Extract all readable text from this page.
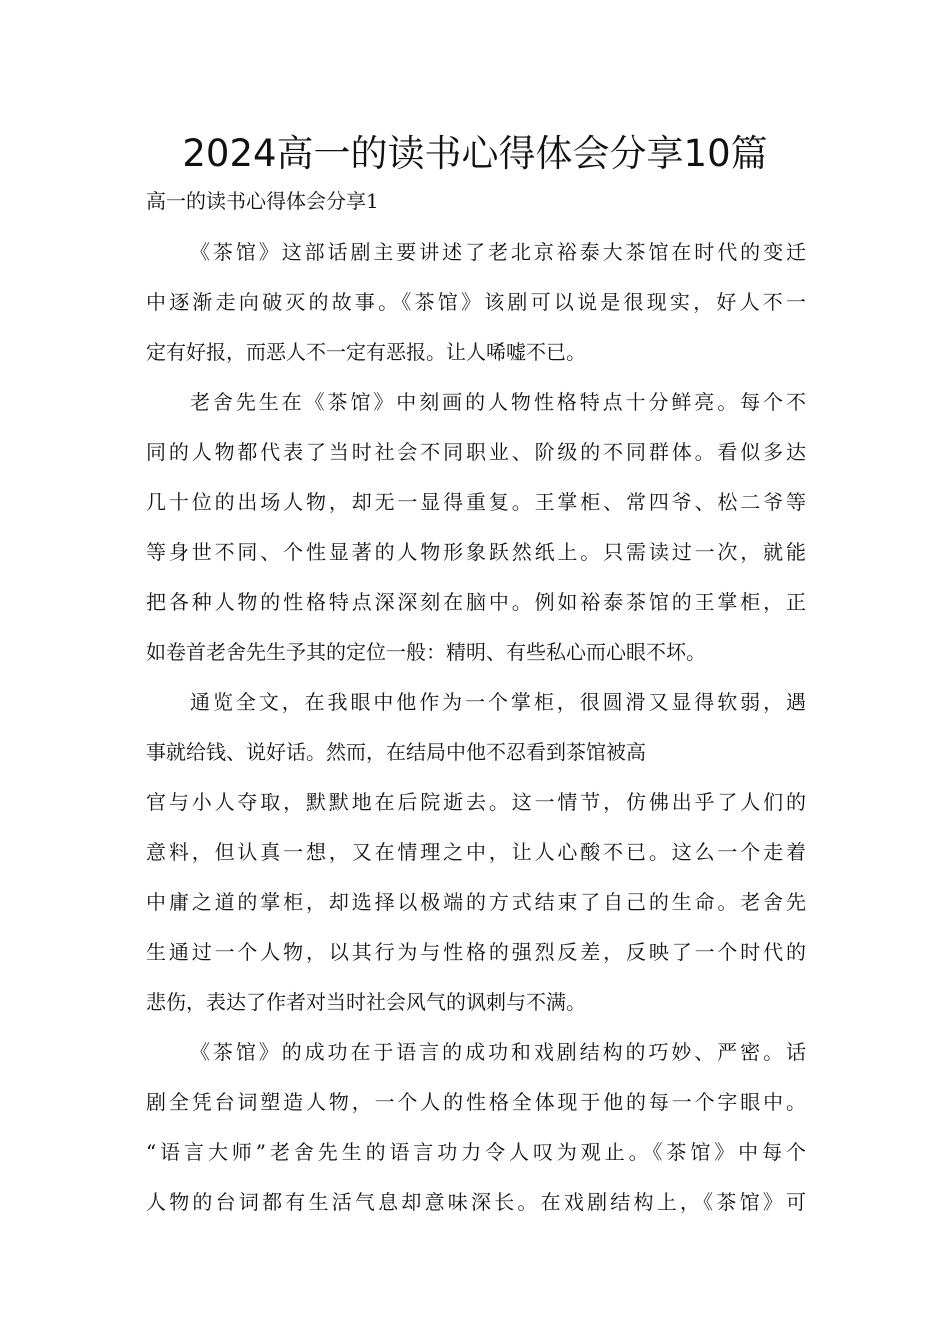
2024高一的读书心得体会分享10篇

高一的读书心得体会分享1

《茶馆》这部话剧主要讲述了老北京裕泰大茶馆在时代的变迁

中逐渐走向破灭的故事。《茶馆》该剧可以说是很现实，好人不一

定有好报，而恶人不一定有恶报。让人唏嘘不已。

老舍先生在《茶馆》中刻画的人物性格特点十分鲜亮。每个不

同的人物都代表了当时社会不同职业、阶级的不同群体。看似多达

几十位的出场人物，却无一显得重复。王掌柜、常四爷、松二爷等

等身世不同、个性显著的人物形象跃然纸上。只需读过一次，就能

把各种人物的性格特点深深刻在脑中。例如裕泰茶馆的王掌柜，正

如卷首老舍先生予其的定位一般：精明、有些私心而心眼不坏。

通览全文，在我眼中他作为一个掌柜，很圆滑又显得软弱，遇

事就给钱、说好话。然而，在结局中他不忍看到茶馆被高

官与小人夺取，默默地在后院逝去。这一情节，仿佛出乎了人们的

意料，但认真一想，又在情理之中，让人心酸不已。这么一个走着

中庸之道的掌柜，却选择以极端的方式结束了自己的生命。老舍先

生通过一个人物，以其行为与性格的强烈反差，反映了一个时代的

悲伤，表达了作者对当时社会风气的讽刺与不满。

《茶馆》的成功在于语言的成功和戏剧结构的巧妙、严密。话

剧全凭台词塑造人物，一个人的性格全体现于他的每一个字眼中。

“语言大师”老舍先生的语言功力令人叹为观止。《茶馆》中每个

人物的台词都有生活气息却意味深长。在戏剧结构上，《茶馆》可
